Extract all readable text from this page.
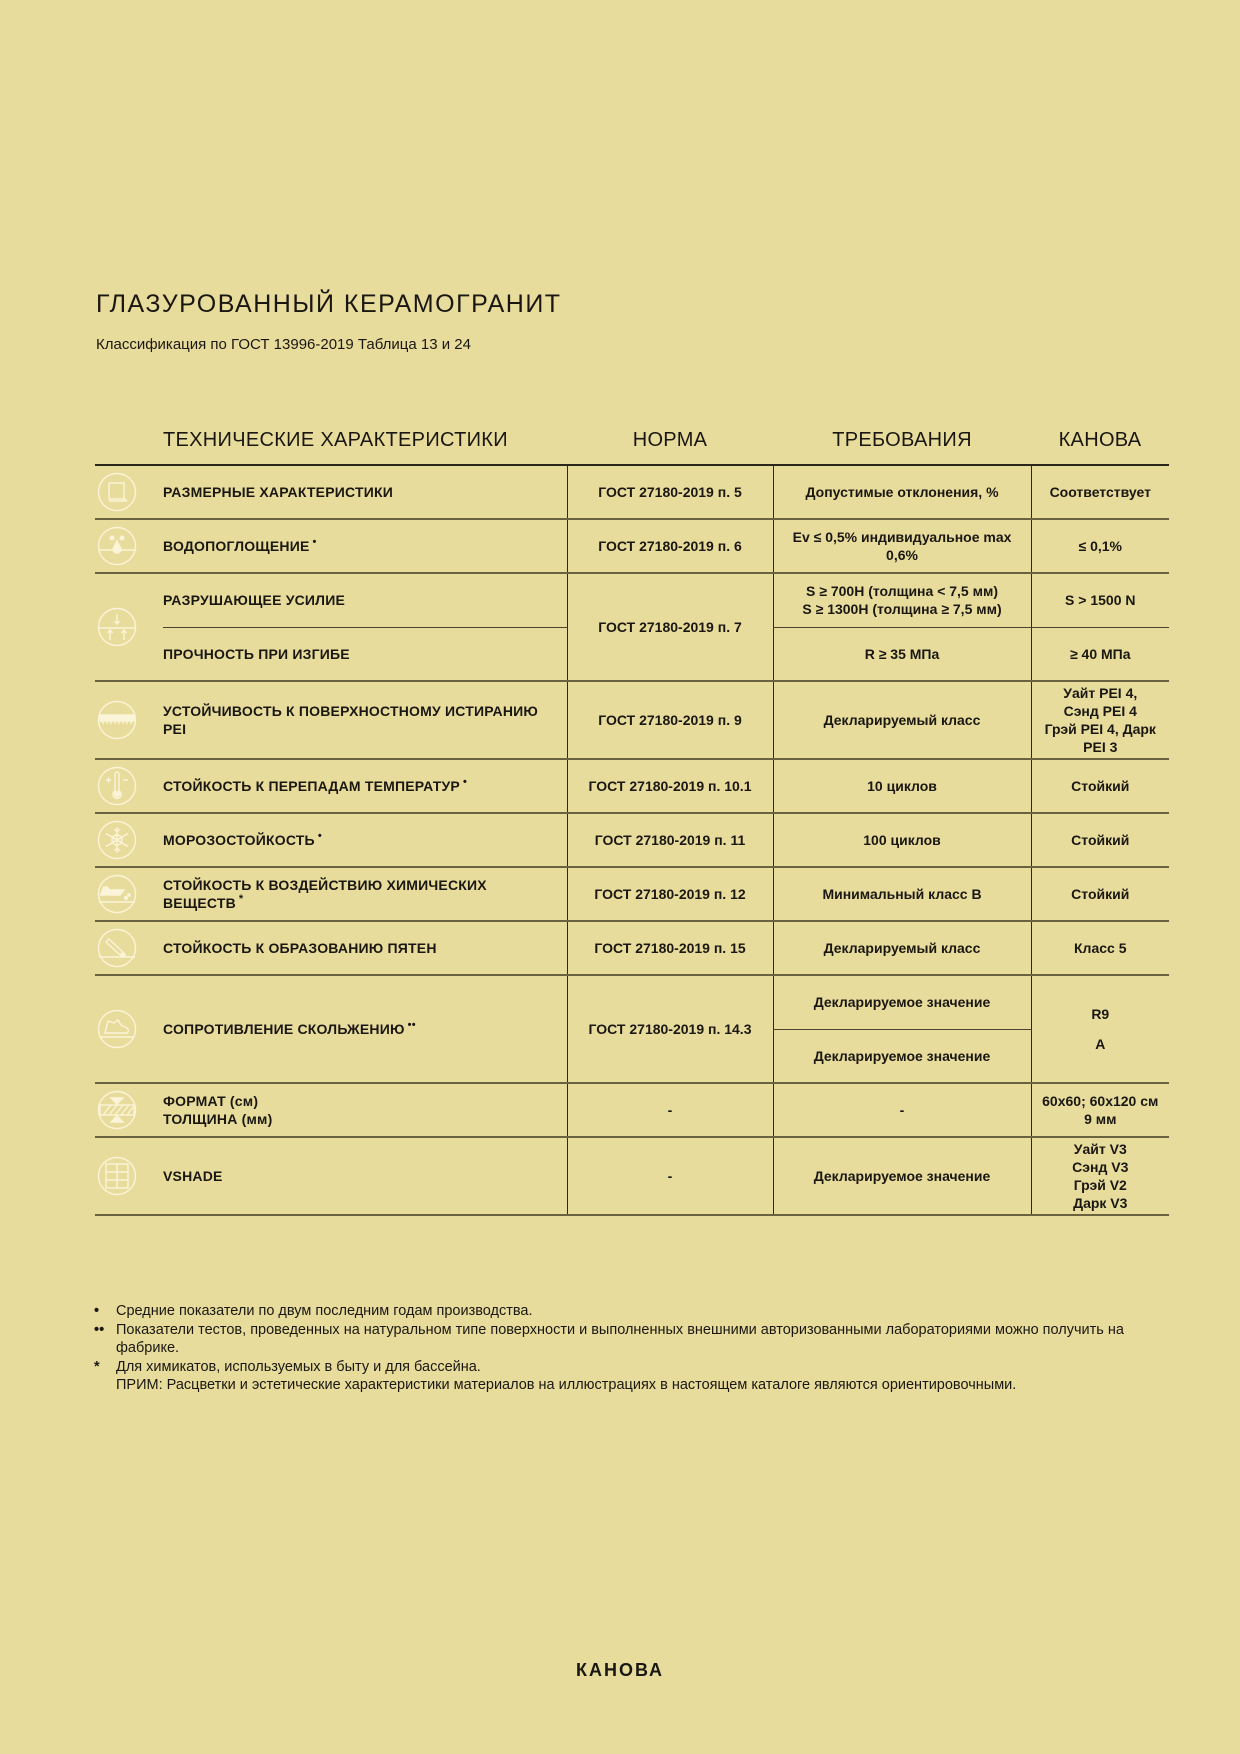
ГЛАЗУРОВАННЫЙ КЕРАМОГРАНИТ
Классификация по ГОСТ 13996-2019 Таблица 13 и 24
ТЕХНИЧЕСКИЕ ХАРАКТЕРИСТИКИ		НОРМА	ТРЕБОВАНИЯ	КАНОВА

	РАЗМЕРНЫЕ ХАРАКТЕРИСТИКИ	ГОСТ 27180-2019 п. 5	Допустимые отклонения, %	Соответствует

	ВОДОПОГЛОЩЕНИЕ •	ГОСТ 27180-2019 п. 6	Ev ≤ 0,5% индивидуальное max 0,6%	≤ 0,1%

	РАЗРУШАЮЩЕЕ УСИЛИЕ	ГОСТ 27180-2019 п. 7	S ≥ 700Н (толщина < 7,5 мм)
S ≥ 1300Н (толщина ≥ 7,5 мм)	S > 1500 N
	ПРОЧНОСТЬ ПРИ ИЗГИБЕ		R ≥ 35 МПа	≥ 40 МПа

	УСТОЙЧИВОСТЬ К ПОВЕРХНОСТНОМУ ИСТИРАНИЮ PEI	ГОСТ 27180-2019 п. 9	Декларируемый класс	Уайт PEI 4,
Сэнд PEI 4
Грэй PEI 4, Дарк PEI 3

	СТОЙКОСТЬ К ПЕРЕПАДАМ ТЕМПЕРАТУР •	ГОСТ 27180-2019 п. 10.1	10 циклов	Стойкий

	МОРОЗОСТОЙКОСТЬ •	ГОСТ 27180-2019 п. 11	100 циклов	Стойкий

	СТОЙКОСТЬ К ВОЗДЕЙСТВИЮ ХИМИЧЕСКИХ ВЕЩЕСТВ *	ГОСТ 27180-2019 п. 12	Минимальный класс В	Стойкий

	СТОЙКОСТЬ К ОБРАЗОВАНИЮ ПЯТЕН	ГОСТ 27180-2019 п. 15	Декларируемый класс	Класс 5

	СОПРОТИВЛЕНИЕ СКОЛЬЖЕНИЮ ••	ГОСТ 27180-2019 п. 14.3	Декларируемое значение	R9
			Декларируемое значение	A

	ФОРМАТ (см)
ТОЛЩИНА (мм)	-	-	60x60; 60x120 см
9 мм

	VSHADE	-	Декларируемое значение	Уайт V3
Сэнд V3
Грэй V2
Дарк V3
•	Средние показатели по двум последним годам производства.
•• Показатели тестов, проведенных на натуральном типе поверхности и выполненных внешними авторизованными лабораториями можно получить на фабрике.
*	Для химикатов, используемых в быту и для бассейна.
ПРИМ: Расцветки и эстетические характеристики материалов на иллюстрациях в настоящем каталоге являются ориентировочными.
КАНОВА
